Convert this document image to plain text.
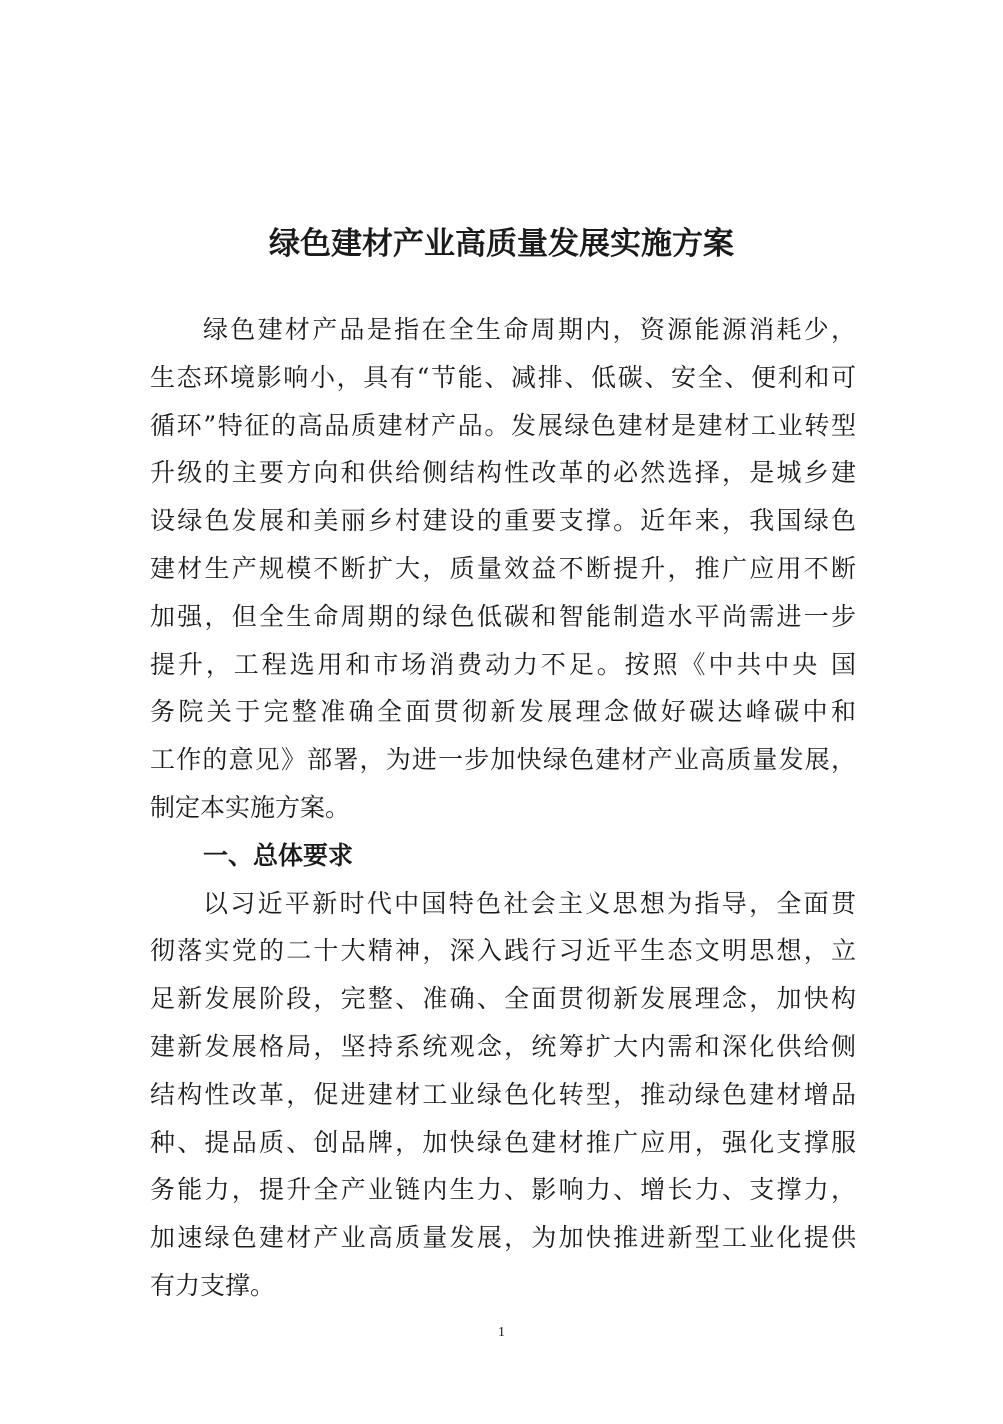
绿色建材产业高质量发展实施方案
绿色建材产品是指在全生命周期内，资源能源消耗少，
生态环境影响小，具有“节能、减排、低碳、安全、便利和可
循环”特征的高品质建材产品。发展绿色建材是建材工业转型
升级的主要方向和供给侧结构性改革的必然选择，是城乡建
设绿色发展和美丽乡村建设的重要支撑。近年来，我国绿色
建材生产规模不断扩大，质量效益不断提升，推广应用不断
加强，但全生命周期的绿色低碳和智能制造水平尚需进一步
提升，工程选用和市场消费动力不足。按照《中共中央 国
务院关于完整准确全面贯彻新发展理念做好碳达峰碳中和
工作的意见》部署，为进一步加快绿色建材产业高质量发展，
制定本实施方案。
一、总体要求
以习近平新时代中国特色社会主义思想为指导，全面贯
彻落实党的二十大精神，深入践行习近平生态文明思想，立
足新发展阶段，完整、准确、全面贯彻新发展理念，加快构
建新发展格局，坚持系统观念，统筹扩大内需和深化供给侧
结构性改革，促进建材工业绿色化转型，推动绿色建材增品
种、提品质、创品牌，加快绿色建材推广应用，强化支撑服
务能力，提升全产业链内生力、影响力、增长力、支撑力，
加速绿色建材产业高质量发展，为加快推进新型工业化提供
有力支撑。
1
